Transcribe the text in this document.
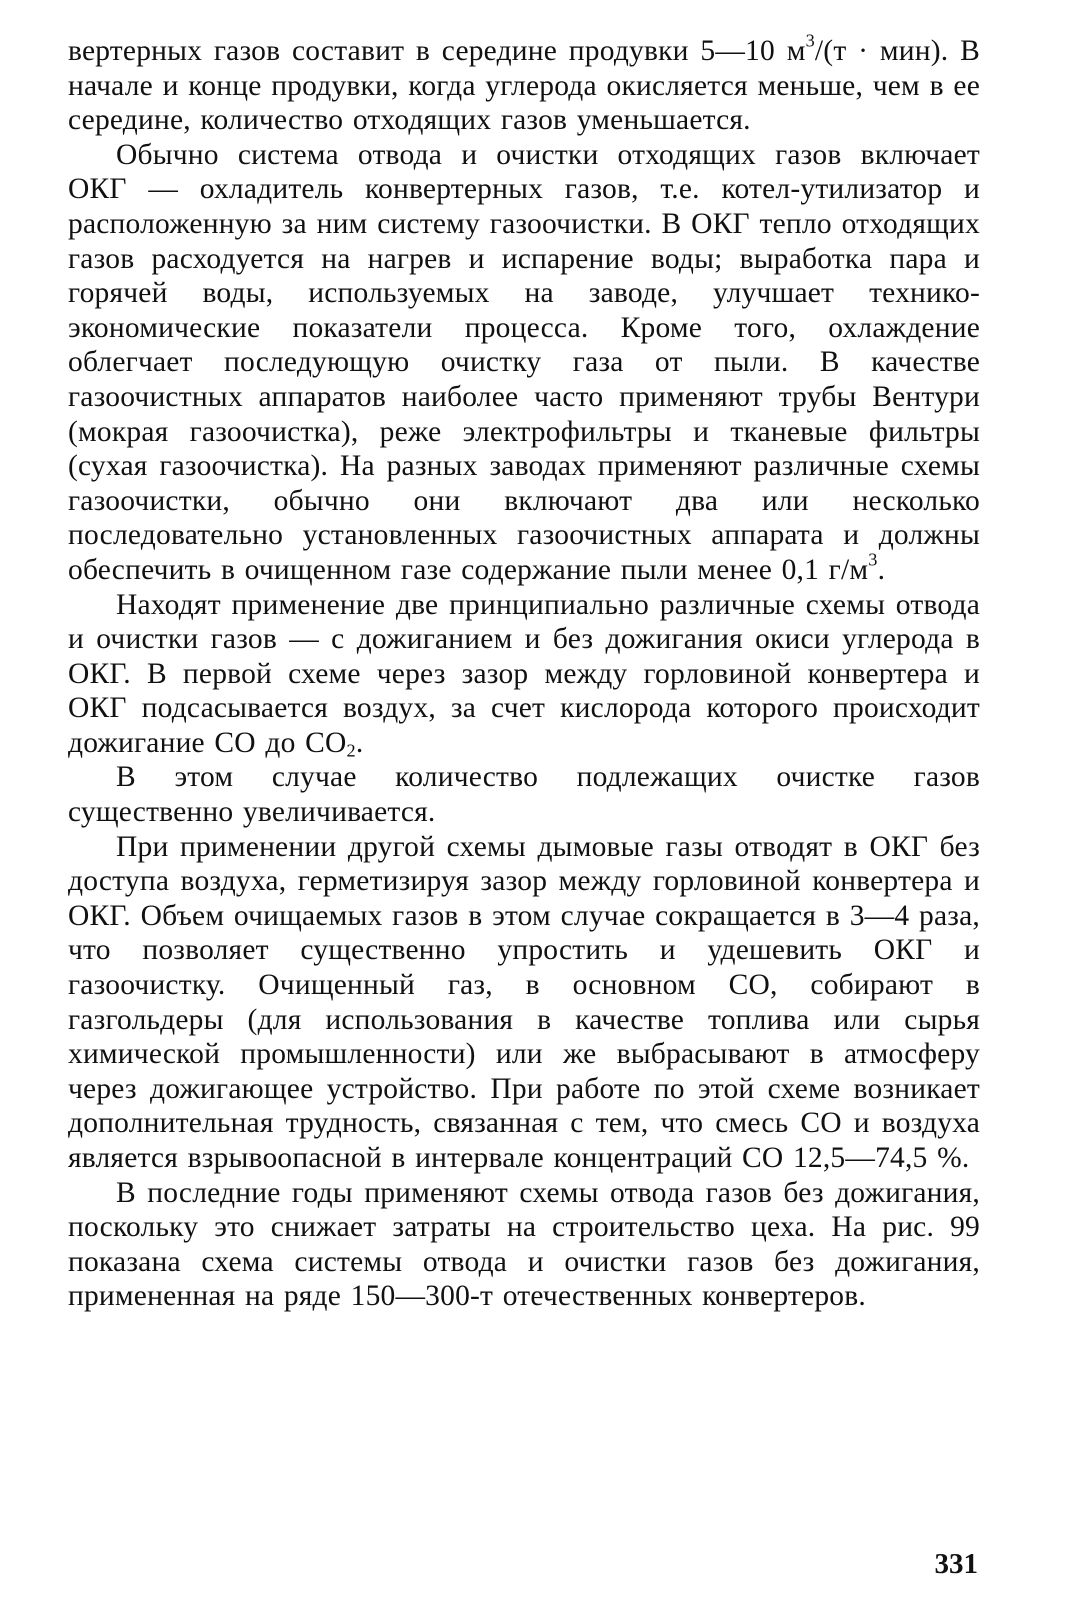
вертерных газов составит в середине продувки 5—10 $м^3/(т \cdot мин)$. В начале и конце продувки, когда углерода окисляется меньше, чем в ее середине, количество отходящих газов уменьшается.

Обычно система отвода и очистки отходящих газов включает ОКГ — охладитель конвертерных газов, т.е. котел-утилизатор и расположенную за ним систему газоочистки. В ОКГ тепло отходящих газов расходуется на нагрев и испарение воды; выработка пара и горячей воды, используемых на заводе, улучшает технико-экономические показатели процесса. Кроме того, охлаждение облегчает последующую очистку газа от пыли. В качестве газоочистных аппаратов наиболее часто применяют трубы Вентури (мокрая газоочистка), реже электрофильтры и тканевые фильтры (сухая газоочистка). На разных заводах применяют различные схемы газоочистки, обычно они включают два или несколько последовательно установленных газоочистных аппарата и должны обеспечить в очищенном газе содержание пыли менее 0,1 $г/м^3$.

Находят применение две принципиально различные схемы отвода и очистки газов — с дожиганием и без дожигания окиси углерода в ОКГ. В первой схеме через зазор между горловиной конвертера и ОКГ подсасывается воздух, за счет кислорода которого происходит дожигание CO до $CO_2$.

В этом случае количество подлежащих очистке газов существенно увеличивается.

При применении другой схемы дымовые газы отводят в ОКГ без доступа воздуха, герметизируя зазор между горловиной конвертера и ОКГ. Объем очищаемых газов в этом случае сокращается в 3—4 раза, что позволяет существенно упростить и удешевить ОКГ и газоочистку. Очищенный газ, в основном CO, собирают в газгольдеры (для использования в качестве топлива или сырья химической промышленности) или же выбрасывают в атмосферу через дожигающее устройство. При работе по этой схеме возникает дополнительная трудность, связанная с тем, что смесь CO и воздуха является взрывоопасной в интервале концентраций CO 12,5—74,5 %.

В последние годы применяют схемы отвода газов без дожигания, поскольку это снижает затраты на строительство цеха. На рис. 99 показана схема системы отвода и очистки газов без дожигания, примененная на ряде 150—300-т отечественных конвертеров.

331
